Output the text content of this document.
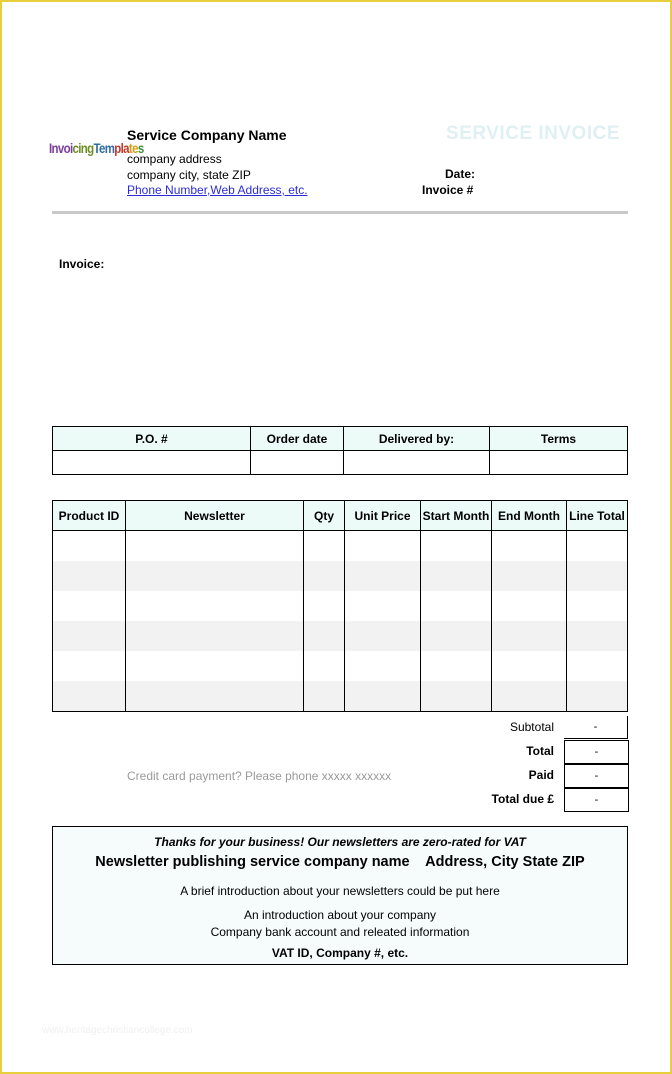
InvoicingTemplates
Service Company Name
company address
company city, state ZIP
Phone Number,Web Address, etc.
SERVICE INVOICE
Date:
Invoice #
Invoice:
P.O. #	Order date	Delivered by:	Terms

Product ID	Newsletter	Qty	Unit Price	Start Month	End Month	Line Total

Subtotal	-
Total	-
Credit card payment? Please phone xxxxx xxxxxx	Paid	-
Total due £	-
Thanks for your business! Our newsletters are zero-rated for VAT
Newsletter publishing service company name    Address, City State ZIP
A brief introduction about your newsletters could be put here
An introduction about your company
Company bank account and releated information
VAT ID, Company #, etc.
www.heritagechristiancollege.com
